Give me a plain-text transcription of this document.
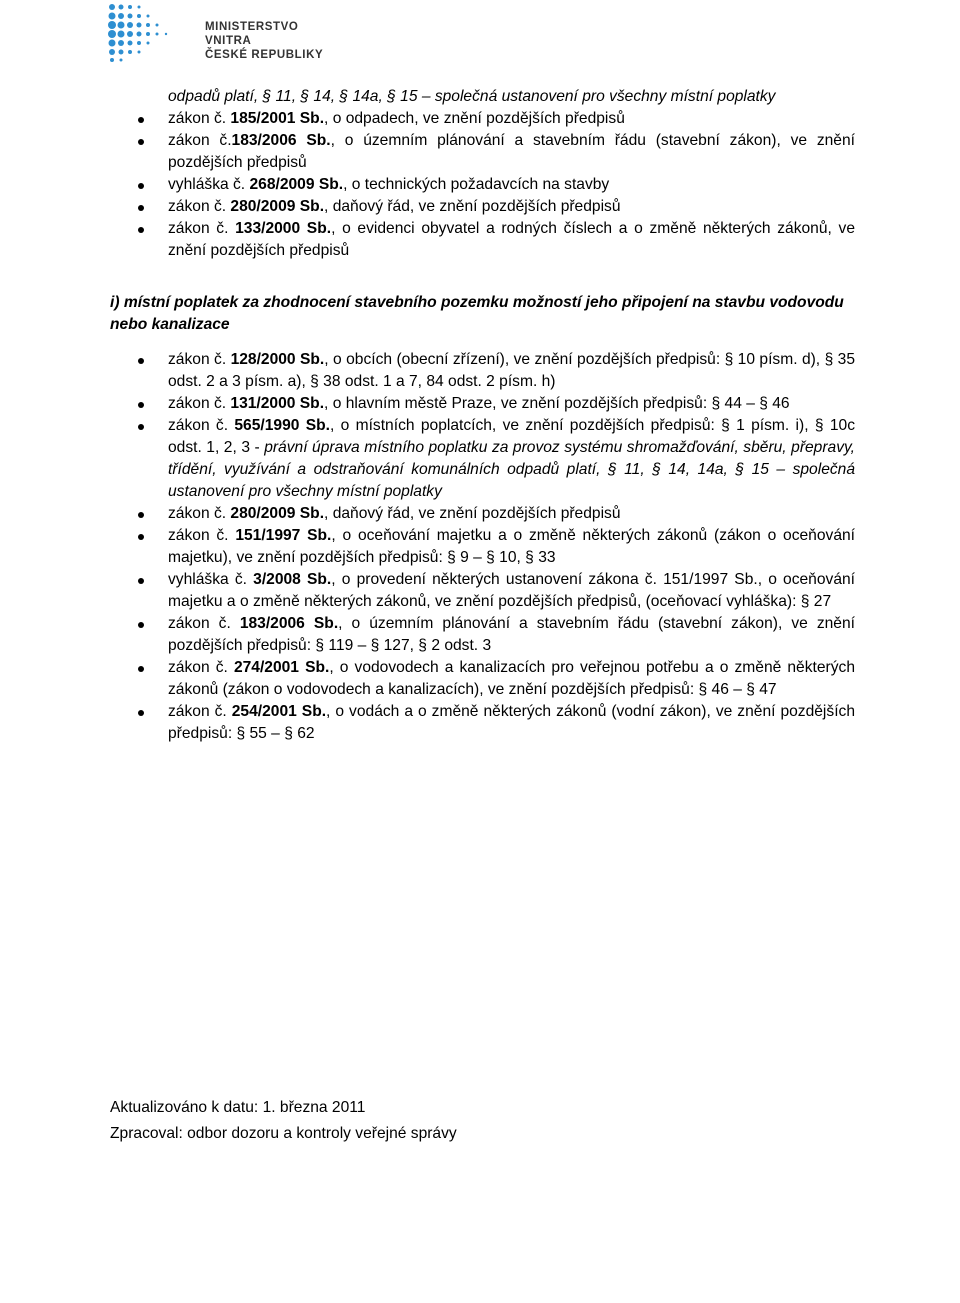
MINISTERSTVO VNITRA
ČESKÉ REPUBLIKY

odpadů platí, § 11, § 14, § 14a, § 15 – společná ustanovení pro všechny místní poplatky

zákon č. 185/2001 Sb., o odpadech, ve znění pozdějších předpisů
zákon č.183/2006 Sb., o územním plánování a stavebním řádu (stavební zákon), ve znění pozdějších předpisů
vyhláška č. 268/2009 Sb., o technických požadavcích na stavby
zákon č. 280/2009 Sb., daňový řád, ve znění pozdějších předpisů
zákon č. 133/2000 Sb., o evidenci obyvatel a rodných číslech a o změně některých zákonů, ve znění pozdějších předpisů

i) místní poplatek za zhodnocení stavebního pozemku možností jeho připojení na stavbu vodovodu nebo kanalizace

zákon č. 128/2000 Sb., o obcích (obecní zřízení), ve znění pozdějších předpisů: § 10 písm. d), § 35 odst. 2 a 3 písm. a), § 38 odst. 1 a 7, 84 odst. 2 písm. h)
zákon č. 131/2000 Sb., o hlavním městě Praze, ve znění pozdějších předpisů: § 44 – § 46
zákon č. 565/1990 Sb., o místních poplatcích, ve znění pozdějších předpisů: § 1 písm. i), § 10c odst. 1, 2, 3 - právní úprava místního poplatku za provoz systému shromažďování, sběru, přepravy, třídění, využívání a odstraňování komunálních odpadů platí, § 11, § 14, 14a, § 15 – společná ustanovení pro všechny místní poplatky
zákon č. 280/2009 Sb., daňový řád, ve znění pozdějších předpisů
zákon č. 151/1997 Sb., o oceňování majetku a o změně některých zákonů (zákon o oceňování majetku), ve znění pozdějších předpisů: § 9 – § 10, § 33
vyhláška č. 3/2008 Sb., o provedení některých ustanovení zákona č. 151/1997 Sb., o oceňování majetku a o změně některých zákonů, ve znění pozdějších předpisů, (oceňovací vyhláška): § 27
zákon č. 183/2006 Sb., o územním plánování a stavebním řádu (stavební zákon), ve znění pozdějších předpisů: § 119 – § 127, § 2 odst. 3
zákon č. 274/2001 Sb., o vodovodech a kanalizacích pro veřejnou potřebu a o změně některých zákonů (zákon o vodovodech a kanalizacích), ve znění pozdějších předpisů: § 46 – § 47
zákon č. 254/2001 Sb., o vodách a o změně některých zákonů (vodní zákon), ve znění pozdějších předpisů: § 55 – § 62
Aktualizováno k datu: 1. března 2011
Zpracoval: odbor dozoru a kontroly veřejné správy
